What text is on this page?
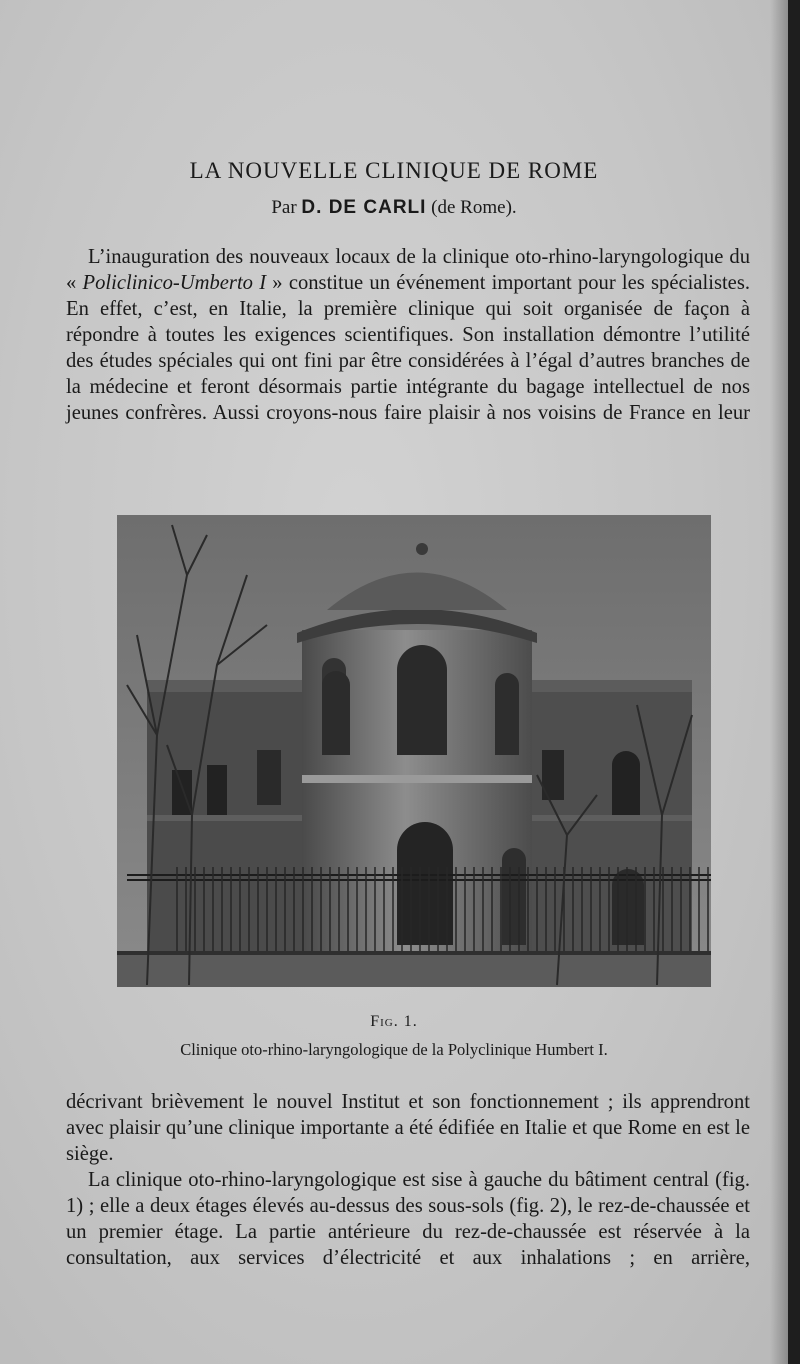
LA NOUVELLE CLINIQUE DE ROME
Par D. DE CARLI (de Rome).

L’inauguration des nouveaux locaux de la clinique oto-rhino-laryngologique du « Policlinico-Umberto I » constitue un événement important pour les spécialistes. En effet, c’est, en Italie, la première clinique qui soit organisée de façon à répondre à toutes les exigences scientifiques. Son installation démontre l’utilité des études spéciales qui ont fini par être considérées à l’égal d’autres branches de la médecine et feront désormais partie intégrante du bagage intellectuel de nos jeunes confrères. Aussi croyons-nous faire plaisir à nos voisins de France en leur

Fig. 1.
Clinique oto-rhino-laryngologique de la Polyclinique Humbert I.

décrivant brièvement le nouvel Institut et son fonctionnement ; ils apprendront avec plaisir qu’une clinique importante a été édifiée en Italie et que Rome en est le siège.

La clinique oto-rhino-laryngologique est sise à gauche du bâtiment central (fig. 1) ; elle a deux étages élevés au-dessus des sous-sols (fig. 2), le rez-de-chaussée et un premier étage. La partie antérieure du rez-de-chaussée est réservée à la consultation, aux services d’électricité et aux inhalations ; en arrière,
